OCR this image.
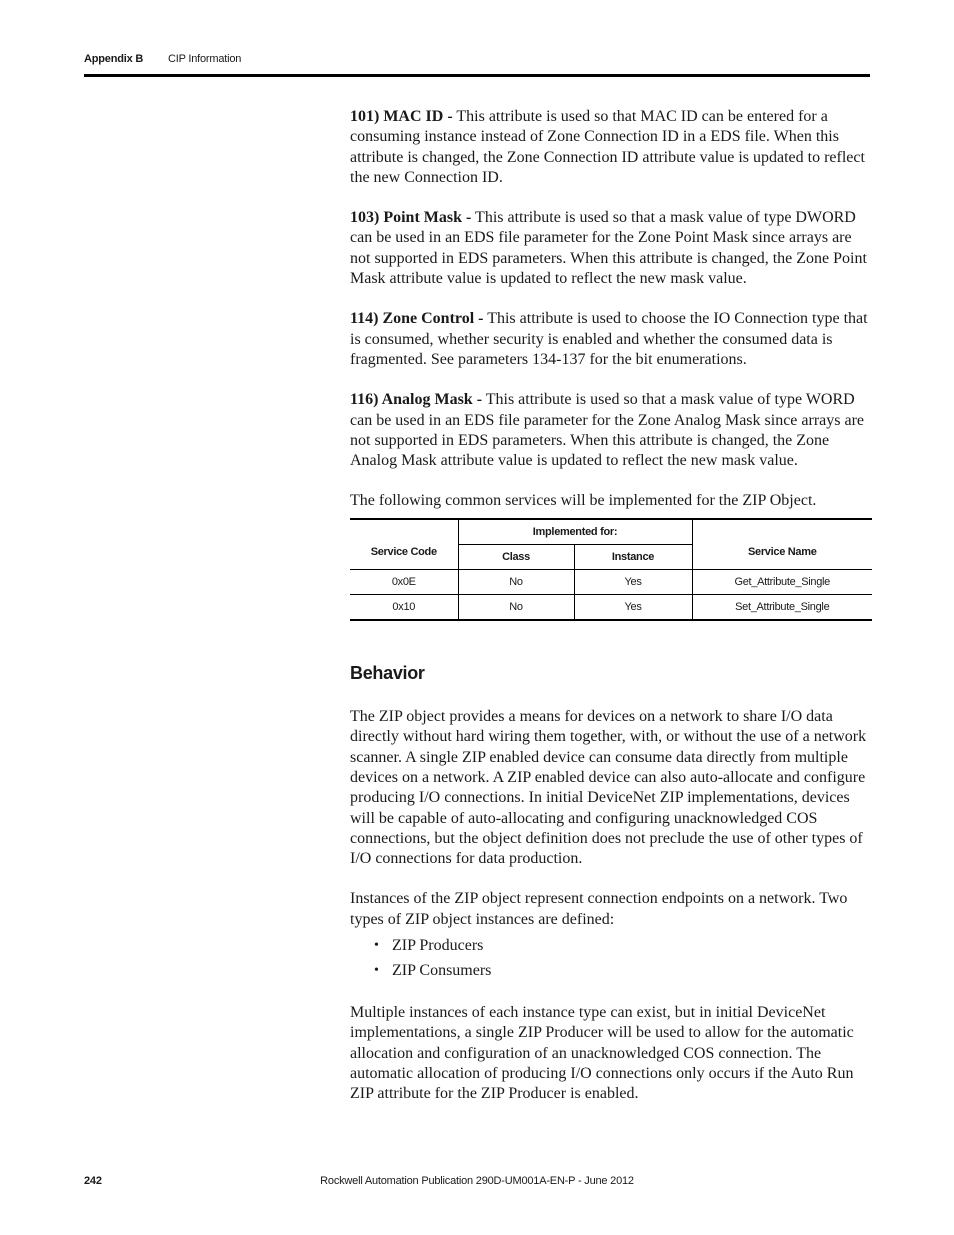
Appendix B CIP Information

101) MAC ID - This attribute is used so that MAC ID can be entered for a consuming instance instead of Zone Connection ID in a EDS file. When this attribute is changed, the Zone Connection ID attribute value is updated to reflect the new Connection ID.

103) Point Mask - This attribute is used so that a mask value of type DWORD can be used in an EDS file parameter for the Zone Point Mask since arrays are not supported in EDS parameters. When this attribute is changed, the Zone Point Mask attribute value is updated to reflect the new mask value.

114) Zone Control - This attribute is used to choose the IO Connection type that is consumed, whether security is enabled and whether the consumed data is fragmented. See parameters 134-137 for the bit enumerations.

116) Analog Mask - This attribute is used so that a mask value of type WORD can be used in an EDS file parameter for the Zone Analog Mask since arrays are not supported in EDS parameters. When this attribute is changed, the Zone Analog Mask attribute value is updated to reflect the new mask value.

The following common services will be implemented for the ZIP Object.

Service Code	Implemented for:		Service Name
	Class	Instance	
0x0E	No	Yes	Get_Attribute_Single
0x10	No	Yes	Set_Attribute_Single
Behavior

The ZIP object provides a means for devices on a network to share I/O data directly without hard wiring them together, with, or without the use of a network scanner. A single ZIP enabled device can consume data directly from multiple devices on a network. A ZIP enabled device can also auto-allocate and configure producing I/O connections. In initial DeviceNet ZIP implementations, devices will be capable of auto-allocating and configuring unacknowledged COS connections, but the object definition does not preclude the use of other types of I/O connections for data production.

Instances of the ZIP object represent connection endpoints on a network. Two types of ZIP object instances are defined:

• ZIP Producers
• ZIP Consumers

Multiple instances of each instance type can exist, but in initial DeviceNet implementations, a single ZIP Producer will be used to allow for the automatic allocation and configuration of an unacknowledged COS connection. The automatic allocation of producing I/O connections only occurs if the Auto Run ZIP attribute for the ZIP Producer is enabled.

242	Rockwell Automation Publication 290D-UM001A-EN-P - June 2012
